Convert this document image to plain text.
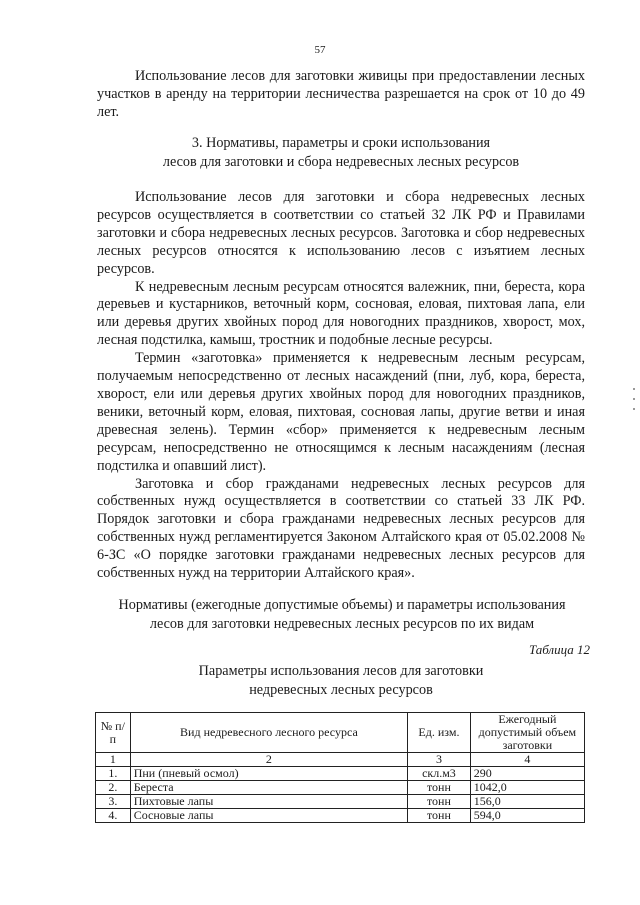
57

Использование лесов для заготовки живицы при предоставлении лесных участков в аренду на территории лесничества разрешается на срок от 10 до 49 лет.

3. Нормативы, параметры и сроки использования
лесов для заготовки и сбора недревесных лесных ресурсов

Использование лесов для заготовки и сбора недревесных лесных ресурсов осуществляется в соответствии со статьей 32 ЛК РФ и Правилами заготовки и сбора недревесных лесных ресурсов. Заготовка и сбор недревесных лесных ресурсов относятся к использованию лесов с изъятием лесных ресурсов.

К недревесным лесным ресурсам относятся валежник, пни, береста, кора деревьев и кустарников, веточный корм, сосновая, еловая, пихтовая лапа, ели или деревья других хвойных пород для новогодних праздников, хворост, мох, лесная подстилка, камыш, тростник и подобные лесные ресурсы.

Термин «заготовка» применяется к недревесным лесным ресурсам, получаемым непосредственно от лесных насаждений (пни, луб, кора, береста, хворост, ели или деревья других хвойных пород для новогодних праздников, веники, веточный корм, еловая, пихтовая, сосновая лапы, другие ветви и иная древесная зелень). Термин «сбор» применяется к недревесным лесным ресурсам, непосредственно не относящимся к лесным насаждениям (лесная подстилка и опавший лист).

Заготовка и сбор гражданами недревесных лесных ресурсов для собственных нужд осуществляется в соответствии со статьей 33 ЛК РФ. Порядок заготовки и сбора гражданами недревесных лесных ресурсов для собственных нужд регламентируется Законом Алтайского края от 05.02.2008 № 6-ЗС «О порядке заготовки гражданами недревесных лесных ресурсов для собственных нужд на территории Алтайского края».

Нормативы (ежегодные допустимые объемы) и параметры использования
лесов для заготовки недревесных лесных ресурсов по их видам
Таблица 12
Параметры использования лесов для заготовки
недревесных лесных ресурсов
№ п/п	Вид недревесного лесного ресурса	Ед. изм.	Ежегодный допустимый объем заготовки
1	2	3	4
1.	Пни (пневый осмол)	скл.м3	290
2.	Береста	тонн	1042,0
3.	Пихтовые лапы	тонн	156,0
4.	Сосновые лапы	тонн	594,0
